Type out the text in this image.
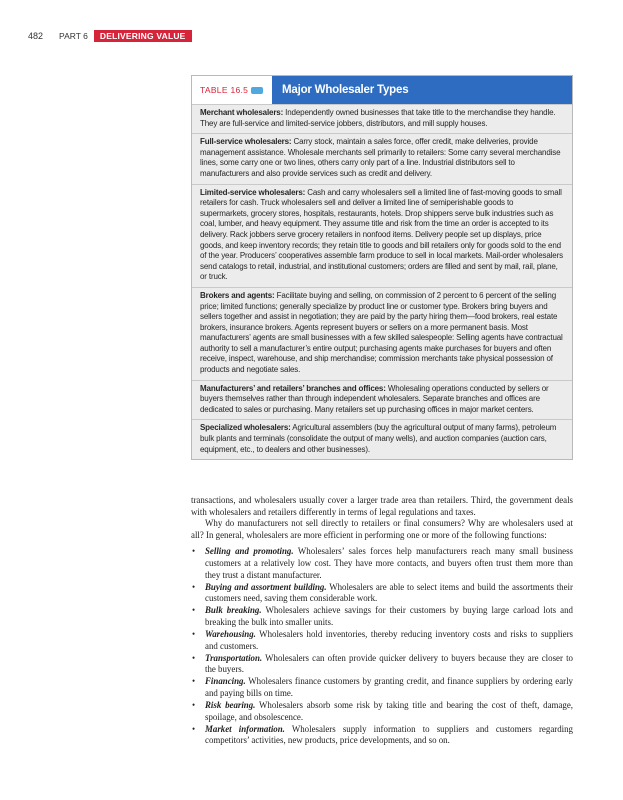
482 PART 6	DELIVERING VALUE
TABLE 16.5	Major Wholesaler Types
Merchant wholesalers: Independently owned businesses that take title to the merchandise they handle. They are full-service and limited-service jobbers, distributors, and mill supply houses.
Full-service wholesalers: Carry stock, maintain a sales force, offer credit, make deliveries, provide management assistance. Wholesale merchants sell primarily to retailers: Some carry several merchandise lines, some carry one or two lines, others carry only part of a line. Industrial distributors sell to manufacturers and also provide services such as credit and delivery.
Limited-service wholesalers: Cash and carry wholesalers sell a limited line of fast-moving goods to small retailers for cash. Truck wholesalers sell and deliver a limited line of semiperishable goods to supermarkets, grocery stores, hospitals, restaurants, hotels. Drop shippers serve bulk industries such as coal, lumber, and heavy equipment. They assume title and risk from the time an order is accepted to its delivery. Rack jobbers serve grocery retailers in nonfood items. Delivery people set up displays, price goods, and keep inventory records; they retain title to goods and bill retailers only for goods sold to the end of the year. Producers’ cooperatives assemble farm produce to sell in local markets. Mail-order wholesalers send catalogs to retail, industrial, and institutional customers; orders are filled and sent by mail, rail, plane, or truck.
Brokers and agents: Facilitate buying and selling, on commission of 2 percent to 6 percent of the selling price; limited functions; generally specialize by product line or customer type. Brokers bring buyers and sellers together and assist in negotiation; they are paid by the party hiring them—food brokers, real estate brokers, insurance brokers. Agents represent buyers or sellers on a more permanent basis. Most manufacturers’ agents are small businesses with a few skilled salespeople: Selling agents have contractual authority to sell a manufacturer’s entire output; purchasing agents make purchases for buyers and often receive, inspect, warehouse, and ship merchandise; commission merchants take physical possession of products and negotiate sales.
Manufacturers’ and retailers’ branches and offices: Wholesaling operations conducted by sellers or buyers themselves rather than through independent wholesalers. Separate branches and offices are dedicated to sales or purchasing. Many retailers set up purchasing offices in major market centers.
Specialized wholesalers: Agricultural assemblers (buy the agricultural output of many farms), petroleum bulk plants and terminals (consolidate the output of many wells), and auction companies (auction cars, equipment, etc., to dealers and other businesses).

transactions, and wholesalers usually cover a larger trade area than retailers. Third, the government deals with wholesalers and retailers differently in terms of legal regulations and taxes.

Why do manufacturers not sell directly to retailers or final consumers? Why are wholesalers used at all? In general, wholesalers are more efficient in performing one or more of the following functions:

• Selling and promoting. Wholesalers’ sales forces help manufacturers reach many small business customers at a relatively low cost. They have more contacts, and buyers often trust them more than they trust a distant manufacturer.
• Buying and assortment building. Wholesalers are able to select items and build the assortments their customers need, saving them considerable work.
• Bulk breaking. Wholesalers achieve savings for their customers by buying large carload lots and breaking the bulk into smaller units.
• Warehousing. Wholesalers hold inventories, thereby reducing inventory costs and risks to suppliers and customers.
• Transportation. Wholesalers can often provide quicker delivery to buyers because they are closer to the buyers.
• Financing. Wholesalers finance customers by granting credit, and finance suppliers by ordering early and paying bills on time.
• Risk bearing. Wholesalers absorb some risk by taking title and bearing the cost of theft, damage, spoilage, and obsolescence.
• Market information. Wholesalers supply information to suppliers and customers regarding competitors’ activities, new products, price developments, and so on.
